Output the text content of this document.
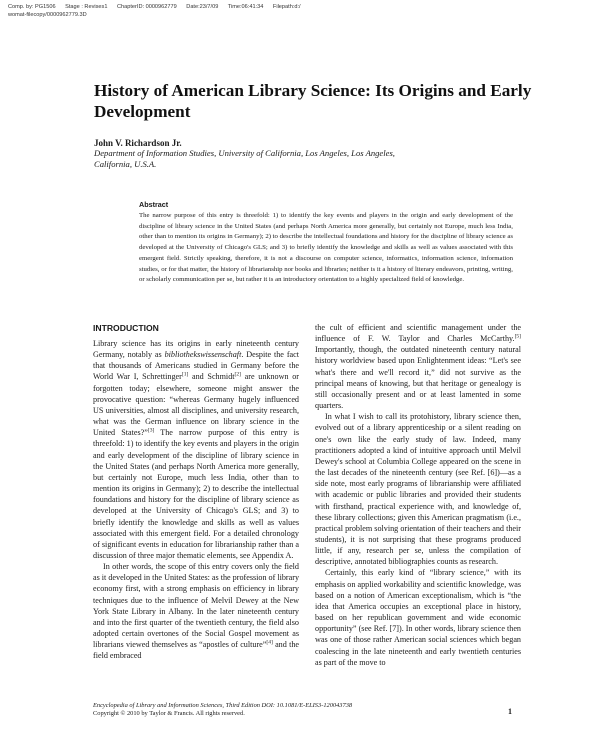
Comp. by: PG1506 Stage : Revises1 ChapterID: 0000962779 Date:23/7/09 Time:06:41:34 Filepath:d:/
womat-filecopy/0000962779.3D
History of American Library Science: Its Origins and Early Development
John V. Richardson Jr.
Department of Information Studies, University of California, Los Angeles, Los Angeles, California, U.S.A.
Abstract

The narrow purpose of this entry is threefold: 1) to identify the key events and players in the origin and early development of the discipline of library science in the United States (and perhaps North America more generally, but certainly not Europe, much less India, other than to mention its origins in Germany); 2) to describe the intellectual foundations and history for the discipline of library science as developed at the University of Chicago's GLS; and 3) to briefly identify the knowledge and skills as well as values associated with this emergent field. Strictly speaking, therefore, it is not a discourse on computer science, informatics, information science, information studies, or for that matter, the history of librarianship nor books and libraries; neither is it a history of literary endeavors, printing, writing, or scholarly communication per se, but rather it is an introductory orientation to a highly specialized field of knowledge.

INTRODUCTION

Library science has its origins in early nineteenth century Germany, notably as bibliothekswissenschaft. Despite the fact that thousands of Americans studied in Germany before the World War I, Schrettinger[1] and Schmidt[2] are unknown or forgotten today; elsewhere, someone might answer the provocative question: “whereas Germany hugely influenced US universities, almost all disciplines, and university research, what was the German influence on library science in the United States?”[3] The narrow purpose of this entry is threefold: 1) to identify the key events and players in the origin and early development of the discipline of library science in the United States (and perhaps North America more generally, but certainly not Europe, much less India, other than to mention its origins in Germany); 2) to describe the intellectual foundations and history for the discipline of library science as developed at the University of Chicago's GLS; and 3) to briefly identify the knowledge and skills as well as values associated with this emergent field. For a detailed chronology of significant events in education for librarianship rather than a discussion of three major thematic elements, see Appendix A.

In other words, the scope of this entry covers only the field as it developed in the United States: as the profession of library economy first, with a strong emphasis on efficiency in library techniques due to the influence of Melvil Dewey at the New York State Library in Albany. In the later nineteenth century and into the first quarter of the twentieth century, the field also adopted certain overtones of the Social Gospel movement as librarians viewed themselves as “apostles of culture”[4] and the field embraced

the cult of efficient and scientific management under the influence of F. W. Taylor and Charles McCarthy.[5] Importantly, though, the outdated nineteenth century natural history worldview based upon Enlightenment ideas: “Let's see what's there and we'll record it,” did not survive as the principal means of knowing, but that heritage or genealogy is still occasionally present and or at least lamented in some quarters.

In what I wish to call its protohistory, library science then, evolved out of a library apprenticeship or a silent reading on one's own like the early study of law. Indeed, many practitioners adopted a kind of intuitive approach until Melvil Dewey's school at Columbia College appeared on the scene in the last decades of the nineteenth century (see Ref. [6])—as a side note, most early programs of librarianship were affiliated with academic or public libraries and provided their students with firsthand, practical experience with, and knowledge of, these library collections; given this American pragmatism (i.e., practical problem solving orientation of their teachers and their students), it is not surprising that these programs produced little, if any, research per se, unless the compilation of descriptive, annotated bibliographies counts as research.

Certainly, this early kind of “library science,” with its emphasis on applied workability and scientific knowledge, was based on a notion of American exceptionalism, which is “the idea that America occupies an exceptional place in history, based on her republican government and wide economic opportunity” (see Ref. [7]). In other words, library science then was one of those rather American social sciences which began coalescing in the late nineteenth and early twentieth centuries as part of the move to

Encyclopedia of Library and Information Sciences, Third Edition DOI: 10.1081/E-ELIS3-120043738
Copyright © 2010 by Taylor & Francis. All rights reserved.	1
